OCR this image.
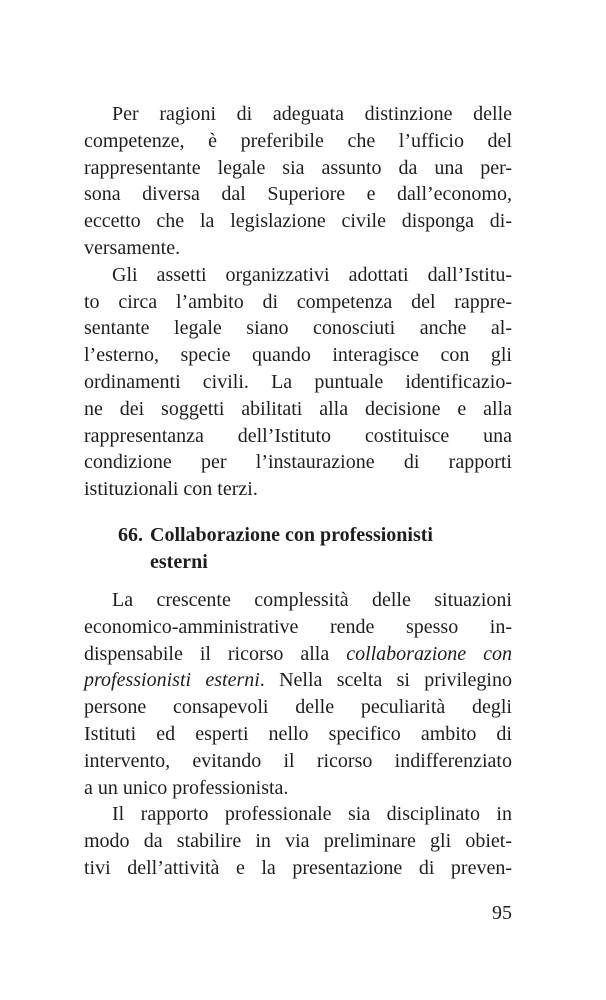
Per ragioni di adeguata distinzione delle
competenze, è preferibile che l’ufficio del
rappresentante legale sia assunto da una per-
sona diversa dal Superiore e dall’economo,
eccetto che la legislazione civile disponga di-
versamente.
Gli assetti organizzativi adottati dall’Istitu-
to circa l’ambito di competenza del rappre-
sentante legale siano conosciuti anche al-
l’esterno, specie quando interagisce con gli
ordinamenti civili. La puntuale identificazio-
ne dei soggetti abilitati alla decisione e alla
rappresentanza dell’Istituto costituisce una
condizione per l’instaurazione di rapporti
istituzionali con terzi.
66. Collaborazione con professionisti
esterni
La crescente complessità delle situazioni
economico-amministrative rende spesso in-
dispensabile il ricorso alla collaborazione con
professionisti esterni. Nella scelta si privilegino
persone consapevoli delle peculiarità degli
Istituti ed esperti nello specifico ambito di
intervento, evitando il ricorso indifferenziato
a un unico professionista.
Il rapporto professionale sia disciplinato in
modo da stabilire in via preliminare gli obiet-
tivi dell’attività e la presentazione di preven-
95
